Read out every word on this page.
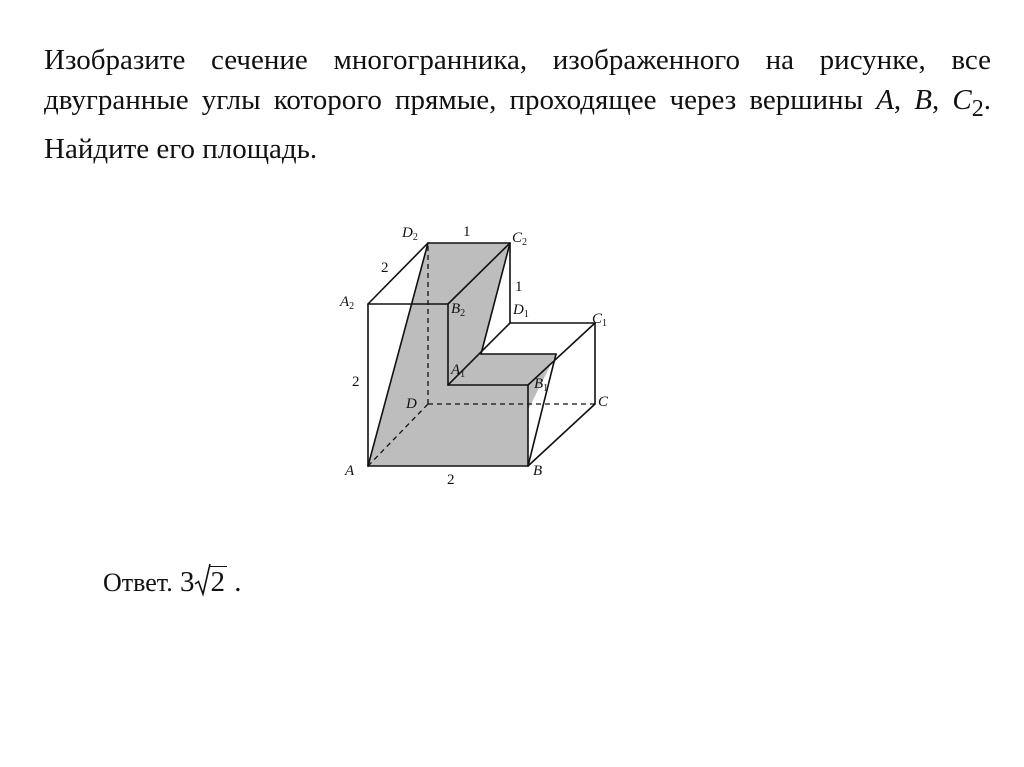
Изобразите сечение многогранника, изображенного на рисунке, все двугранные углы которого прямые, проходящее через вершины A, B, $C_2$. Найдите его площадь.

A	B
C
D
$A_1$
$B_1$
$C_1$
$D_1$
$A_2$	$B_2$
$C_2$
$D_2$	1
1
2
2
2
Ответ. 3 2 .
